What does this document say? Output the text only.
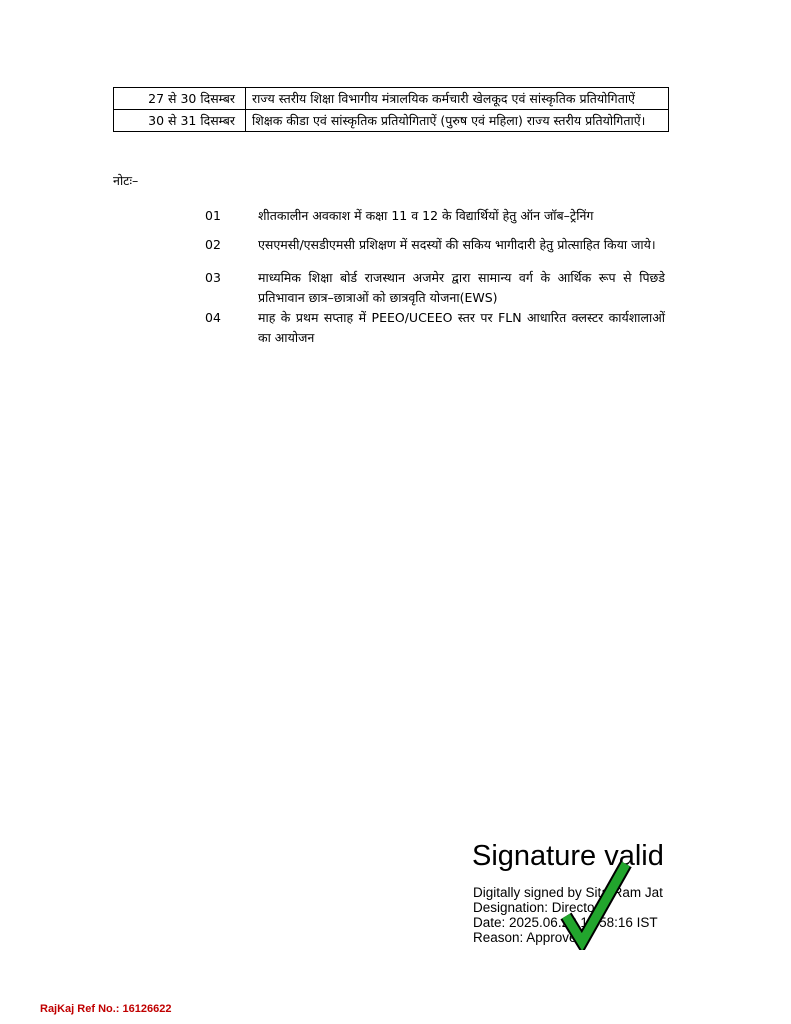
27 से 30 दिसम्बर	राज्य स्तरीय शिक्षा विभागीय मंत्रालयिक कर्मचारी खेलकूद एवं सांस्कृतिक प्रतियोगिताऐं
30 से 31 दिसम्बर	शिक्षक कीडा एवं सांस्कृतिक प्रतियोगिताऐं (पुरुष एवं महिला) राज्य स्तरीय प्रतियोगिताऐं।
नोटः–
01	शीतकालीन अवकाश में कक्षा 11 व 12 के विद्यार्थियों हेतु ऑन जॉब–ट्रेनिंग
02	एसएमसी/एसडीएमसी प्रशिक्षण में सदस्यों की सकिय भागीदारी हेतु प्रोत्साहित किया जाये।
03	माध्यमिक शिक्षा बोर्ड राजस्थान अजमेर द्वारा सामान्य वर्ग के आर्थिक रूप से पिछडे प्रतिभावान छात्र–छात्राओं को छात्रवृति योजना(EWS)
04	माह के प्रथम सप्ताह में PEEO/UCEEO स्तर पर FLN आधारित क्लस्टर कार्यशालाओं का आयोजन
Signature valid
Digitally signed by Sita Ram Jat
Designation: Director
Date: 2025.06.28 12:58:16 IST
Reason: Approved
RajKaj Ref No.: 16126622
